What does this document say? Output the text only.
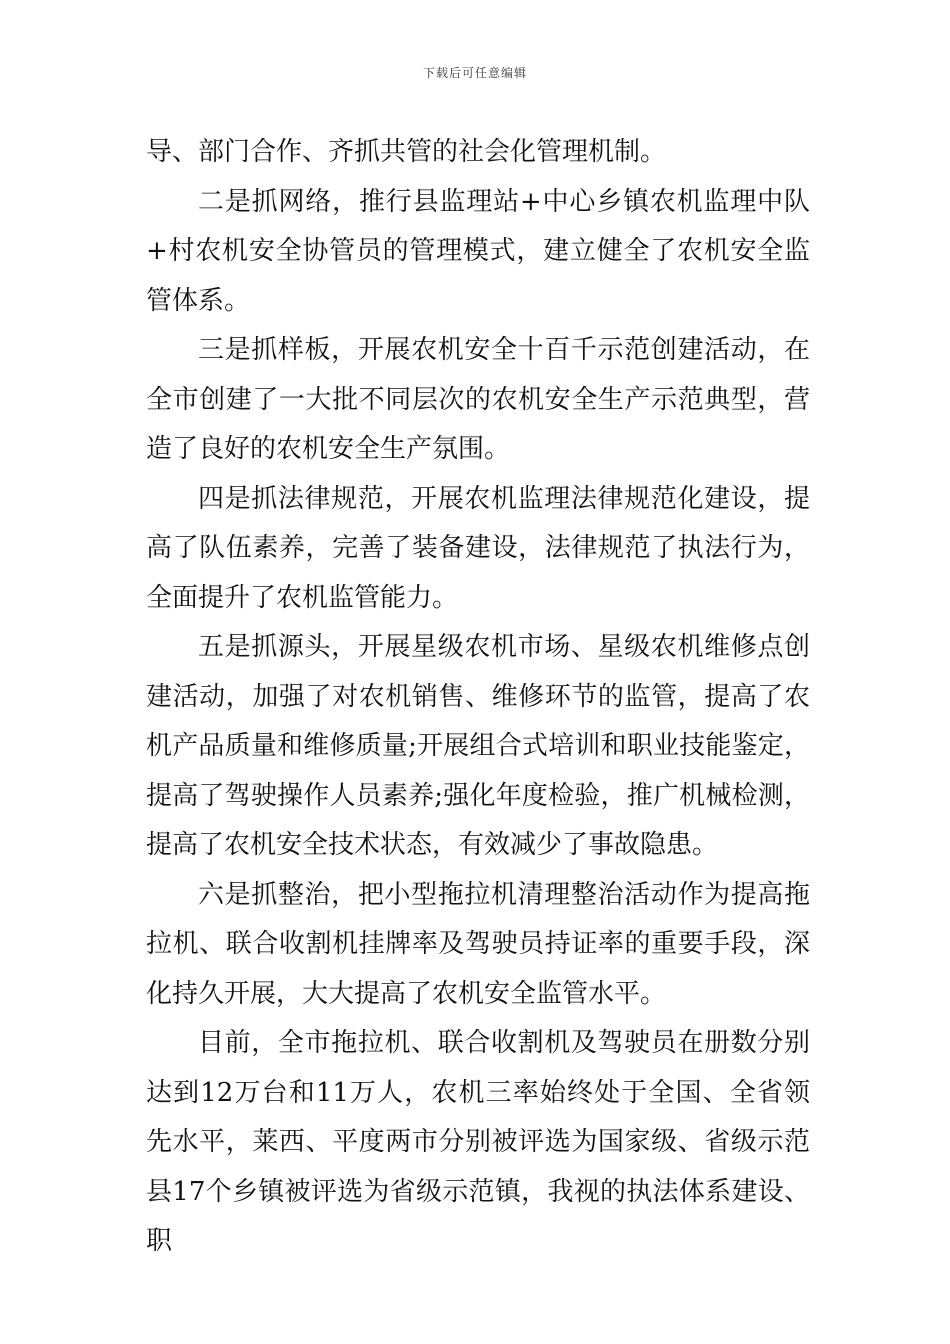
下载后可任意编辑

导、部门合作、齐抓共管的社会化管理机制。

二是抓网络，推行县监理站+中心乡镇农机监理中队+村农机安全协管员的管理模式，建立健全了农机安全监管体系。

三是抓样板，开展农机安全十百千示范创建活动，在全市创建了一大批不同层次的农机安全生产示范典型，营造了良好的农机安全生产氛围。

四是抓法律规范，开展农机监理法律规范化建设，提高了队伍素养，完善了装备建设，法律规范了执法行为，全面提升了农机监管能力。

五是抓源头，开展星级农机市场、星级农机维修点创建活动，加强了对农机销售、维修环节的监管，提高了农机产品质量和维修质量;开展组合式培训和职业技能鉴定，提高了驾驶操作人员素养;强化年度检验，推广机械检测，提高了农机安全技术状态，有效减少了事故隐患。

六是抓整治，把小型拖拉机清理整治活动作为提高拖拉机、联合收割机挂牌率及驾驶员持证率的重要手段，深化持久开展，大大提高了农机安全监管水平。

目前，全市拖拉机、联合收割机及驾驶员在册数分别达到12万台和11万人，农机三率始终处于全国、全省领先水平，莱西、平度两市分别被评选为国家级、省级示范县17个乡镇被评选为省级示范镇，我视的执法体系建设、职
